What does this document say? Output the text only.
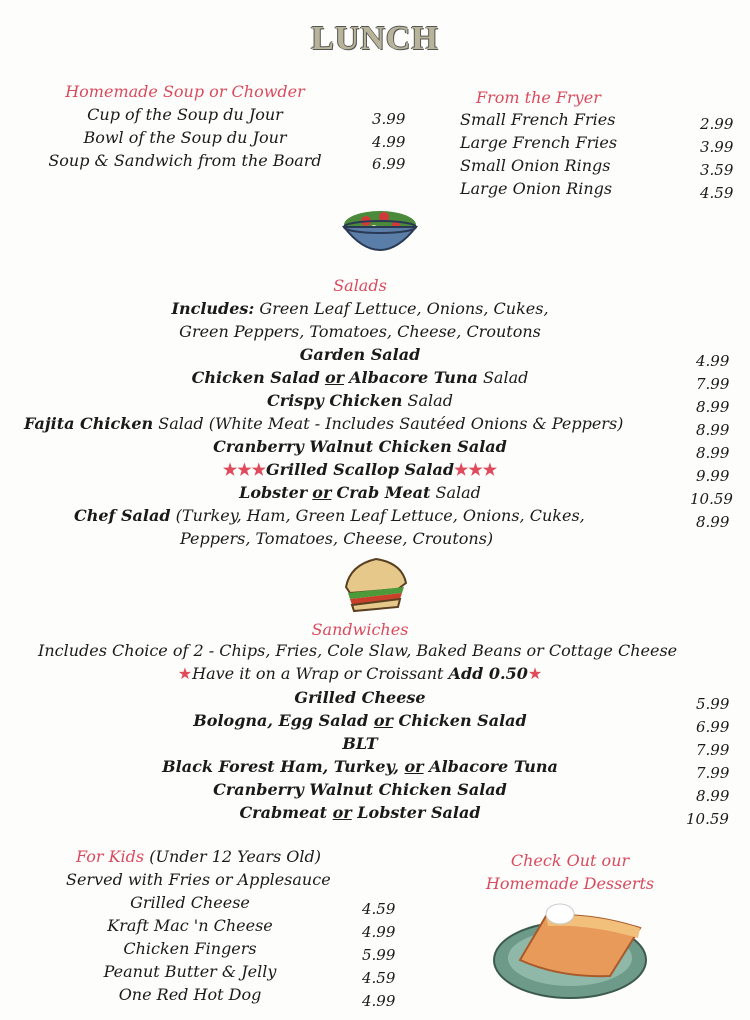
LUNCH
Homemade Soup or Chowder
Cup of the Soup du Jour	3.99
Bowl of the Soup du Jour	4.99
Soup & Sandwich from the Board	6.99
From the Fryer
Small French Fries	2.99
Large French Fries	3.99
Small Onion Rings	3.59
Large Onion Rings	4.59
Salads
Includes: Green Leaf Lettuce, Onions, Cukes,
Green Peppers, Tomatoes, Cheese, Croutons
Garden Salad	4.99
Chicken Salad or Albacore Tuna Salad	7.99
Crispy Chicken Salad	8.99
Fajita Chicken Salad (White Meat - Includes Sautéed Onions & Peppers)	8.99
Cranberry Walnut Chicken Salad	8.99
★★★Grilled Scallop Salad★★★	9.99
Lobster or Crab Meat Salad	10.59
Chef Salad (Turkey, Ham, Green Leaf Lettuce, Onions, Cukes,	8.99
Peppers, Tomatoes, Cheese, Croutons)
Sandwiches
Includes Choice of 2 - Chips, Fries, Cole Slaw, Baked Beans or Cottage Cheese
★Have it on a Wrap or Croissant Add 0.50★
Grilled Cheese	5.99
Bologna, Egg Salad or Chicken Salad	6.99
BLT	7.99
Black Forest Ham, Turkey, or Albacore Tuna	7.99
Cranberry Walnut Chicken Salad	8.99
Crabmeat or Lobster Salad	10.59
For Kids (Under 12 Years Old)
Served with Fries or Applesauce
Grilled Cheese	4.59
Kraft Mac 'n Cheese	4.99
Chicken Fingers	5.99
Peanut Butter & Jelly	4.59
One Red Hot Dog	4.99
Check Out our
Homemade Desserts
